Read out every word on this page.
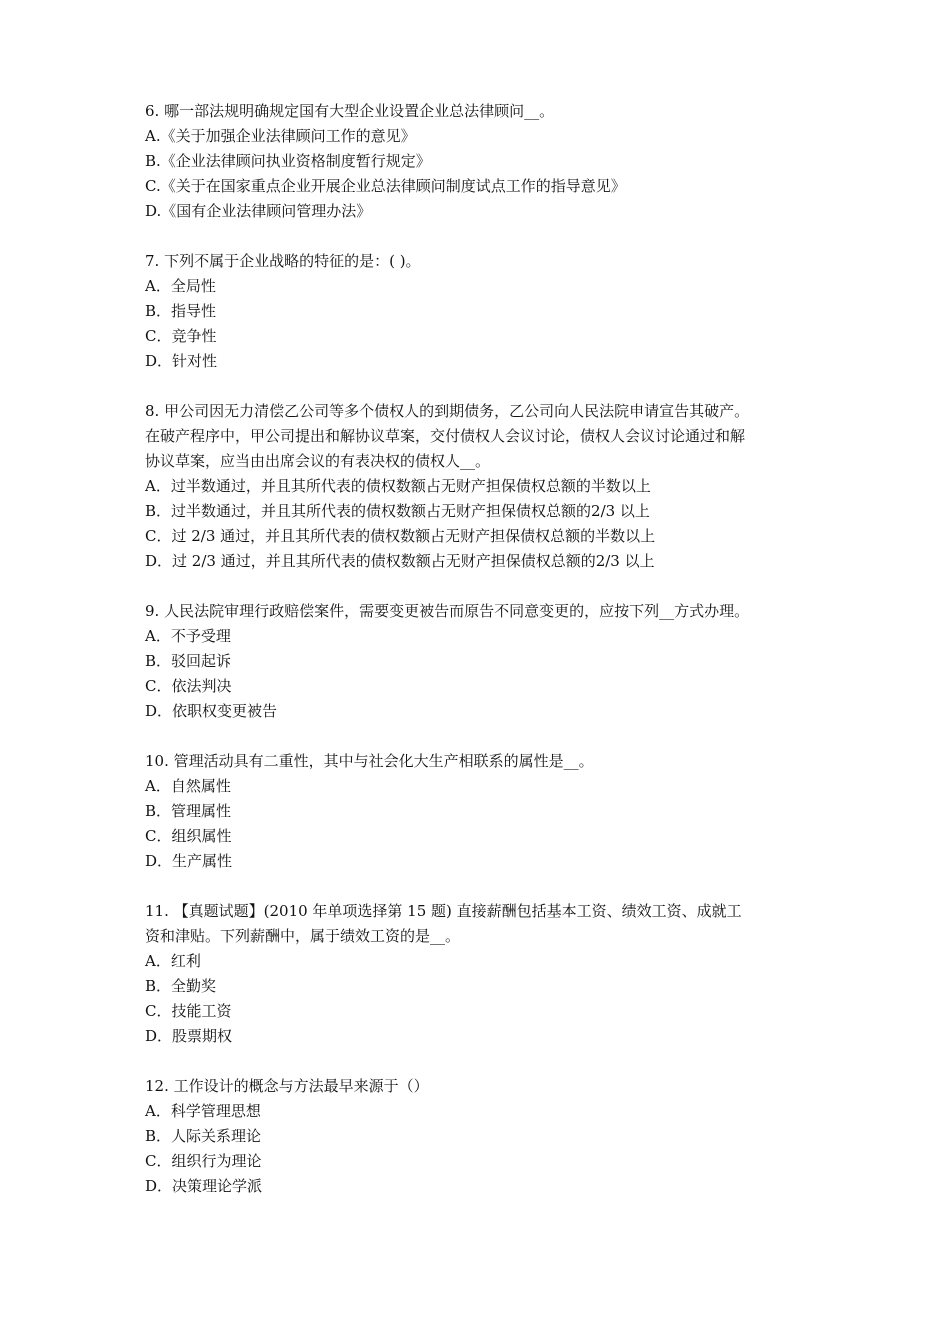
6. 哪一部法规明确规定国有大型企业设置企业总法律顾问__。
A.《关于加强企业法律顾问工作的意见》
B.《企业法律顾问执业资格制度暂行规定》
C.《关于在国家重点企业开展企业总法律顾问制度试点工作的指导意见》
D.《国有企业法律顾问管理办法》
7. 下列不属于企业战略的特征的是：( )。
A．全局性
B．指导性
C．竞争性
D．针对性
8. 甲公司因无力清偿乙公司等多个债权人的到期债务，乙公司向人民法院申请宣告其破产。
在破产程序中，甲公司提出和解协议草案，交付债权人会议讨论，债权人会议讨论通过和解
协议草案，应当由出席会议的有表决权的债权人__。
A．过半数通过，并且其所代表的债权数额占无财产担保债权总额的半数以上
B．过半数通过，并且其所代表的债权数额占无财产担保债权总额的2/3 以上
C．过 2/3 通过，并且其所代表的债权数额占无财产担保债权总额的半数以上
D．过 2/3 通过，并且其所代表的债权数额占无财产担保债权总额的2/3 以上
9. 人民法院审理行政赔偿案件，需要变更被告而原告不同意变更的，应按下列__方式办理。
A．不予受理
B．驳回起诉
C．依法判决
D．依职权变更被告
10. 管理活动具有二重性，其中与社会化大生产相联系的属性是__。
A．自然属性
B．管理属性
C．组织属性
D．生产属性
11. 【真题试题】(2010 年单项选择第 15 题) 直接薪酬包括基本工资、绩效工资、成就工
资和津贴。下列薪酬中，属于绩效工资的是__。
A．红利
B．全勤奖
C．技能工资
D．股票期权
12. 工作设计的概念与方法最早来源于（）
A．科学管理思想
B．人际关系理论
C．组织行为理论
D．决策理论学派
